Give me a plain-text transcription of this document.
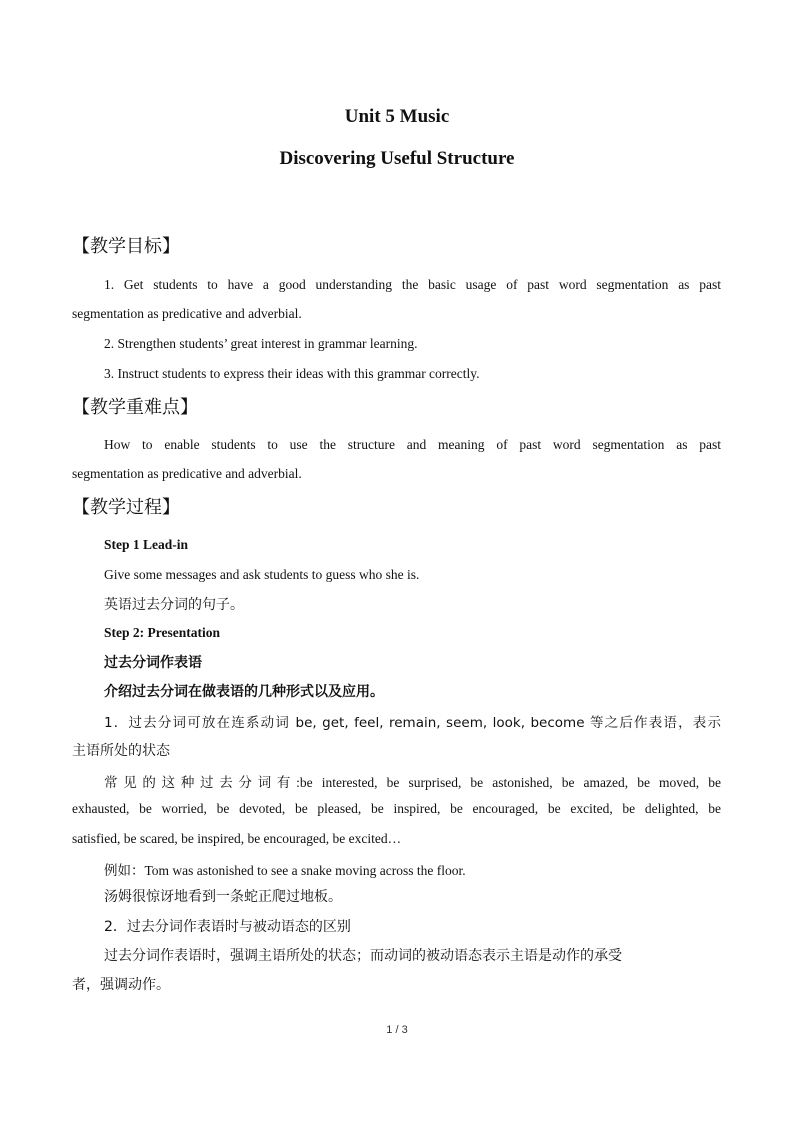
Unit 5 Music
Discovering Useful Structure
【教学目标】
1. Get students to have a good understanding the basic usage of past word segmentation as past
segmentation as predicative and adverbial.
2. Strengthen students’ great interest in grammar learning.
3. Instruct students to express their ideas with this grammar correctly.
【教学重难点】
How to enable students to use the structure and meaning of past word segmentation as past
segmentation as predicative and adverbial.
【教学过程】
Step 1 Lead-in
Give some messages and ask students to guess who she is.
英语过去分词的句子。
Step 2: Presentation
过去分词作表语
介绍过去分词在做表语的几种形式以及应用。
1．过去分词可放在连系动词 be, get, feel, remain, seem, look, become 等之后作表语，表示
主语所处的状态
常见的这种过去分词有:be interested, be surprised, be astonished, be amazed, be moved, be
exhausted, be worried, be devoted, be pleased, be inspired, be encouraged, be excited, be delighted, be
satisfied, be scared, be inspired, be encouraged, be excited…
例如：Tom was astonished to see a snake moving across the floor.
汤姆很惊讶地看到一条蛇正爬过地板。
2．过去分词作表语时与被动语态的区别
过去分词作表语时，强调主语所处的状态；而动词的被动语态表示主语是动作的承受
者，强调动作。
1 / 3
